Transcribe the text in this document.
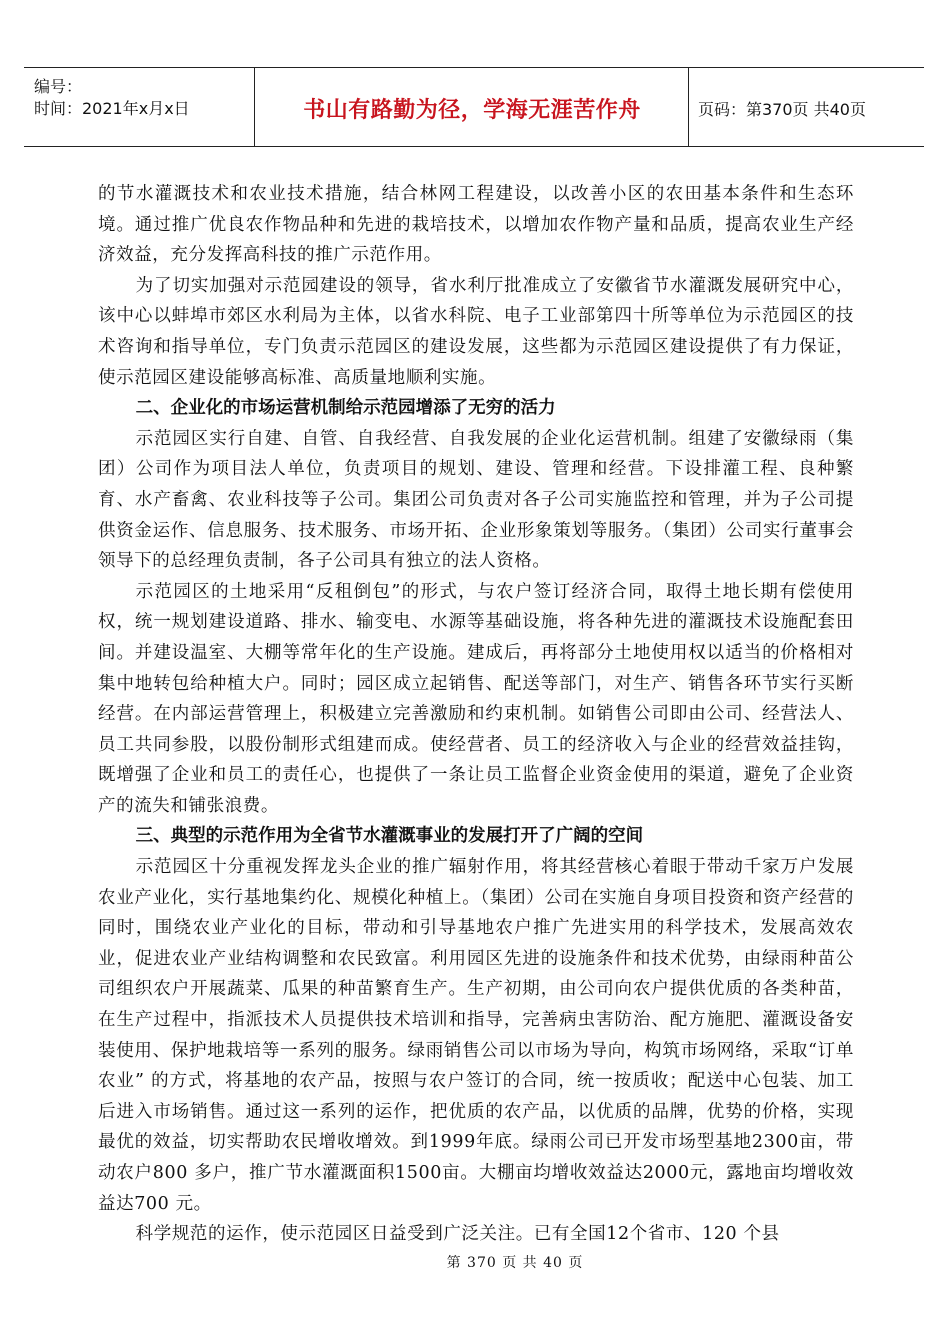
编号：
时间：2021年x月x日	书山有路勤为径，学海无涯苦作舟	页码：第370页 共40页

的节水灌溉技术和农业技术措施，结合林网工程建设，以改善小区的农田基本条件和生态环境。通过推广优良农作物品种和先进的栽培技术，以增加农作物产量和品质，提高农业生产经济效益，充分发挥高科技的推广示范作用。

为了切实加强对示范园建设的领导，省水利厅批准成立了安徽省节水灌溉发展研究中心，该中心以蚌埠市郊区水利局为主体，以省水科院、电子工业部第四十所等单位为示范园区的技术咨询和指导单位，专门负责示范园区的建设发展，这些都为示范园区建设提供了有力保证，使示范园区建设能够高标准、高质量地顺利实施。

二、企业化的市场运营机制给示范园增添了无穷的活力

示范园区实行自建、自管、自我经营、自我发展的企业化运营机制。组建了安徽绿雨（集团）公司作为项目法人单位，负责项目的规划、建设、管理和经营。下设排灌工程、良种繁育、水产畜禽、农业科技等子公司。集团公司负责对各子公司实施监控和管理，并为子公司提供资金运作、信息服务、技术服务、市场开拓、企业形象策划等服务。（集团）公司实行董事会领导下的总经理负责制，各子公司具有独立的法人资格。

示范园区的土地采用“反租倒包”的形式，与农户签订经济合同，取得土地长期有偿使用权，统一规划建设道路、排水、输变电、水源等基础设施，将各种先进的灌溉技术设施配套田间。并建设温室、大棚等常年化的生产设施。建成后，再将部分土地使用权以适当的价格相对集中地转包给种植大户。同时；园区成立起销售、配送等部门，对生产、销售各环节实行买断经营。在内部运营管理上，积极建立完善激励和约束机制。如销售公司即由公司、经营法人、员工共同参股，以股份制形式组建而成。使经营者、员工的经济收入与企业的经营效益挂钩，既增强了企业和员工的责任心，也提供了一条让员工监督企业资金使用的渠道，避免了企业资产的流失和铺张浪费。

三、典型的示范作用为全省节水灌溉事业的发展打开了广阔的空间

示范园区十分重视发挥龙头企业的推广辐射作用，将其经营核心着眼于带动千家万户发展农业产业化，实行基地集约化、规模化种植上。（集团）公司在实施自身项目投资和资产经营的同时，围绕农业产业化的目标，带动和引导基地农户推广先进实用的科学技术，发展高效农业，促进农业产业结构调整和农民致富。利用园区先进的设施条件和技术优势，由绿雨种苗公司组织农户开展蔬菜、瓜果的种苗繁育生产。生产初期，由公司向农户提供优质的各类种苗，在生产过程中，指派技术人员提供技术培训和指导，完善病虫害防治、配方施肥、灌溉设备安装使用、保护地栽培等一系列的服务。绿雨销售公司以市场为导向，构筑市场网络，采取“订单农业” 的方式，将基地的农产品，按照与农户签订的合同，统一按质收；配送中心包装、加工后进入市场销售。通过这一系列的运作，把优质的农产品，以优质的品牌，优势的价格，实现最优的效益，切实帮助农民增收增效。到1999年底。绿雨公司已开发市场型基地2300亩，带动农户800 多户，推广节水灌溉面积1500亩。大棚亩均增收效益达2000元，露地亩均增收效益达700 元。

科学规范的运作，使示范园区日益受到广泛关注。已有全国12个省市、120 个县

第 370 页 共 40 页
